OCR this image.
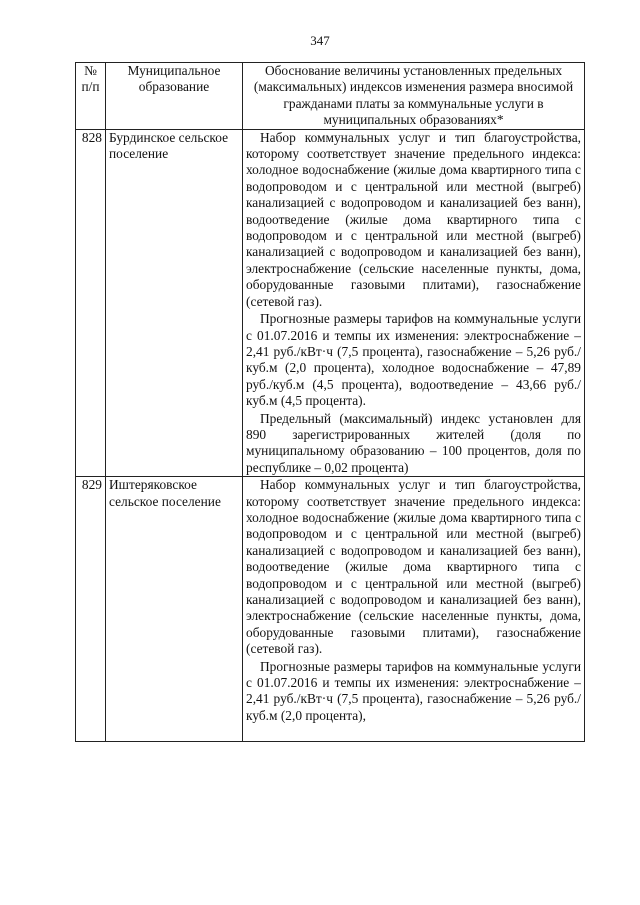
347
№ п/п	Муниципальное образование	Обоснование величины установленных предельных (максимальных) индексов изменения размера вносимой гражданами платы за коммунальные услуги в муниципальных образованиях*
828	Бурдинское сельское поселение	Набор коммунальных услуг и тип благоустройства, которому соответствует значение предельного индекса: холодное водоснабжение (жилые дома квартирного типа с водопроводом и с центральной или местной (выгреб) канализацией с водопроводом и канализацией без ванн), водоотведение (жилые дома квартирного типа с водопроводом и с центральной или местной (выгреб) канализацией с водопроводом и канализацией без ванн), электроснабжение (сельские населенные пункты, дома, оборудованные газовыми плитами), газоснабжение (сетевой газ).

Прогнозные размеры тарифов на коммунальные услуги с 01.07.2016 и темпы их изменения: электроснабжение – 2,41 руб./кВт·ч (7,5 процента), газоснабжение – 5,26 руб./куб.м (2,0 процента), холодное водоснабжение – 47,89 руб./куб.м (4,5 процента), водоотведение – 43,66 руб./куб.м (4,5 процента).

Предельный (максимальный) индекс установлен для 890 зарегистрированных жителей (доля по муниципальному образованию – 100 процентов, доля по республике – 0,02 процента)

829	Иштеряковское сельское поселение	Набор коммунальных услуг и тип благоустройства, которому соответствует значение предельного индекса: холодное водоснабжение (жилые дома квартирного типа с водопроводом и с центральной или местной (выгреб) канализацией с водопроводом и канализацией без ванн), водоотведение (жилые дома квартирного типа с водопроводом и с центральной или местной (выгреб) канализацией с водопроводом и канализацией без ванн), электроснабжение (сельские населенные пункты, дома, оборудованные газовыми плитами), газоснабжение (сетевой газ).

Прогнозные размеры тарифов на коммунальные услуги с 01.07.2016 и темпы их изменения: электроснабжение – 2,41 руб./кВт·ч (7,5 процента), газоснабжение – 5,26 руб./куб.м (2,0 процента),
